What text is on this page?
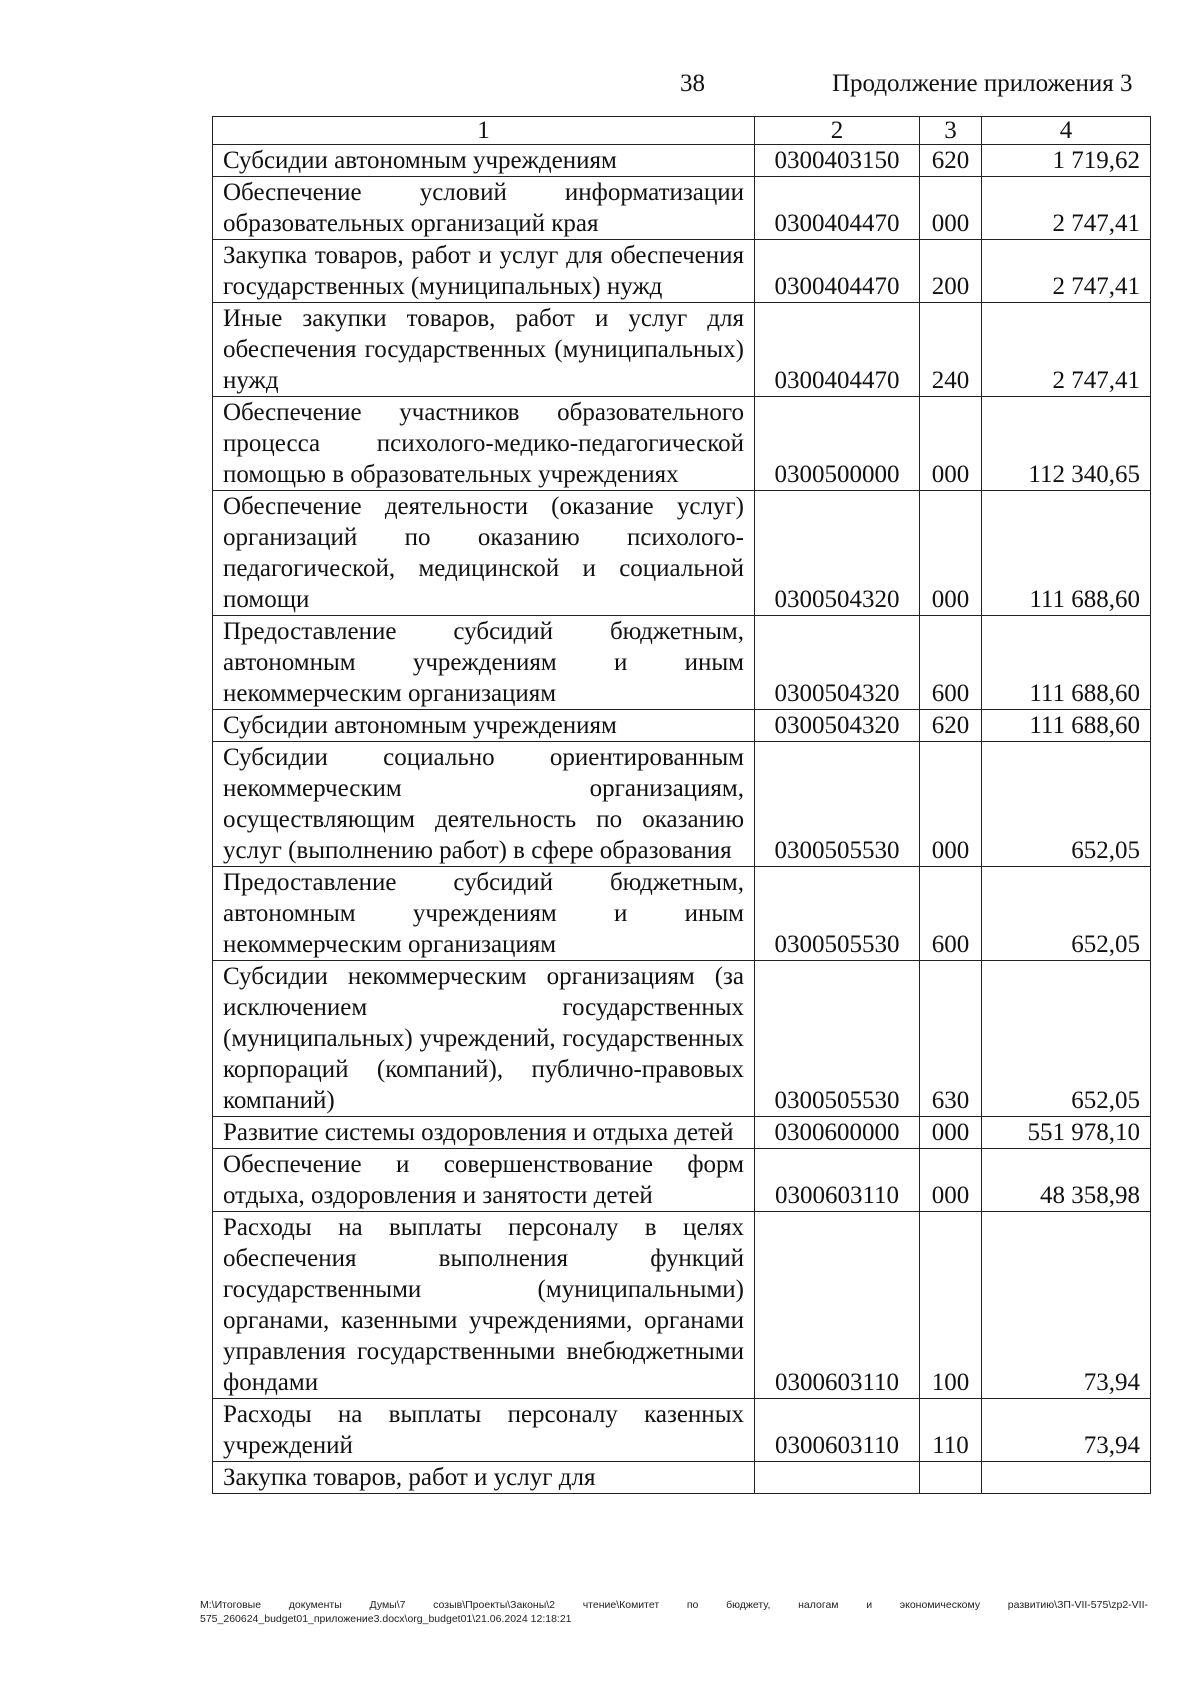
38	Продолжение приложения 3
1	2	3	4
Субсидии автономным учреждениям	0300403150	620	1 719,62
Обеспечение условий информатизации образовательных организаций края	0300404470	000	2 747,41
Закупка товаров, работ и услуг для обеспечения государственных (муниципальных) нужд	0300404470	200	2 747,41
Иные закупки товаров, работ и услуг для обеспечения государственных (муниципальных) нужд	0300404470	240	2 747,41
Обеспечение участников образовательного процесса психолого-медико-педагогической помощью в образовательных учреждениях	0300500000	000	112 340,65
Обеспечение деятельности (оказание услуг) организаций по оказанию психолого-педагогической, медицинской и социальной помощи	0300504320	000	111 688,60
Предоставление субсидий бюджетным, автономным учреждениям и иным некоммерческим организациям	0300504320	600	111 688,60
Субсидии автономным учреждениям	0300504320	620	111 688,60
Субсидии социально ориентированным некоммерческим организациям, осуществляющим деятельность по оказанию услуг (выполнению работ) в сфере образования	0300505530	000	652,05
Предоставление субсидий бюджетным, автономным учреждениям и иным некоммерческим организациям	0300505530	600	652,05
Субсидии некоммерческим организациям (за исключением государственных (муниципальных) учреждений, государственных корпораций (компаний), публично-правовых компаний)	0300505530	630	652,05
Развитие системы оздоровления и отдыха детей	0300600000	000	551 978,10
Обеспечение и совершенствование форм отдыха, оздоровления и занятости детей	0300603110	000	48 358,98
Расходы на выплаты персоналу в целях обеспечения выполнения функций государственными (муниципальными) органами, казенными учреждениями, органами управления государственными внебюджетными фондами	0300603110	100	73,94
Расходы на выплаты персоналу казенных учреждений	0300603110	110	73,94
Закупка товаров, работ и услуг для			
М:\Итоговые документы Думы\7 созыв\Проекты\Законы\2 чтение\Комитет по бюджету, налогам и экономическому развитию\ЗП-VII-575\zp2-VII-575_260624_budget01_приложение3.docx\org_budget01\21.06.2024 12:18:21
